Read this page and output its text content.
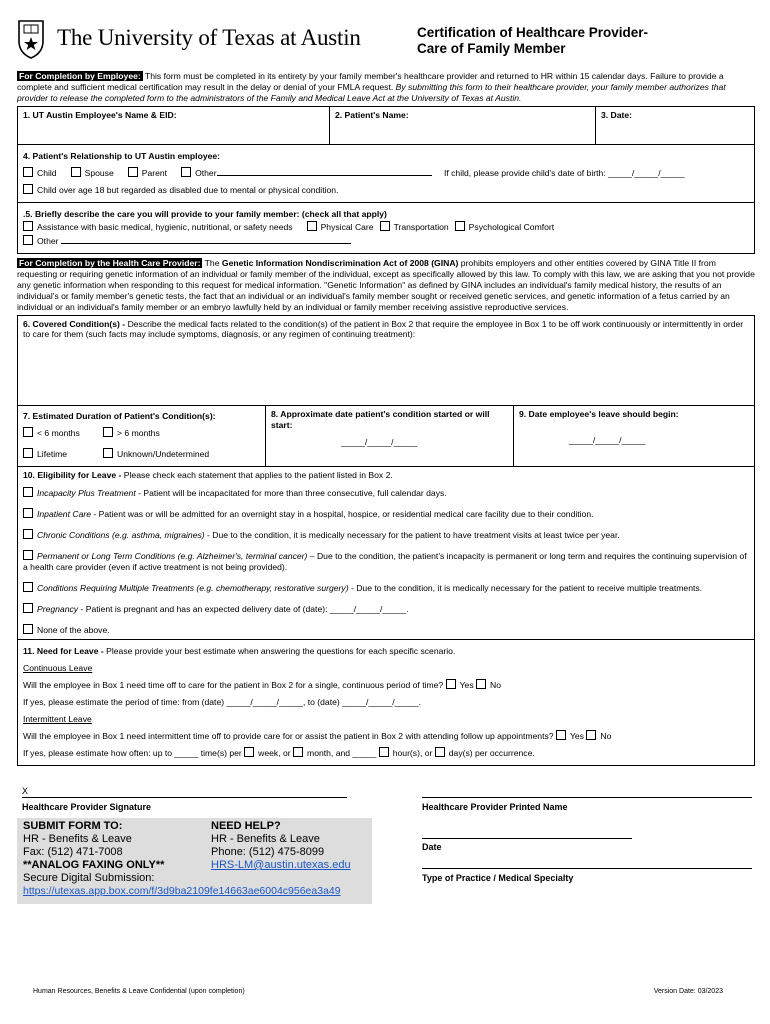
The University of Texas at Austin	Certification of Healthcare Provider-
Care of Family Member
For Completion by Employee: This form must be completed in its entirety by your family member's healthcare provider and returned to HR within 15 calendar days. Failure to provide a complete and sufficient medical certification may result in the delay or denial of your FMLA request. By submitting this form to their healthcare provider, your family member authorizes that provider to release the completed form to the administrators of the Family and Medical Leave Act at the University of Texas at Austin.
1. UT Austin Employee's Name & EID:	2. Patient's Name:	3. Date:

4. Patient's Relationship to UT Austin employee:
Child	Spouse	Parent	Other	If child, please provide child's date of birth: _____/_____/_____
Child over age 18 but regarded as disabled due to mental or physical condition.

.5. Briefly describe the care you will provide to your family member: (check all that apply)
Assistance with basic medical, hygienic, nutritional, or safety needs	Physical Care Transportation Psychological Comfort
Other
For Completion by the Health Care Provider: The Genetic Information Nondiscrimination Act of 2008 (GINA) prohibits employers and other entities covered by GINA Title II from requesting or requiring genetic information of an individual or family member of the individual, except as specifically allowed by this law. To comply with this law, we are asking that you not provide any genetic information when responding to this request for medical information. "Genetic Information" as defined by GINA includes an individual's family medical history, the results of an individual's or family member's genetic tests, the fact that an individual or an individual's family member sought or received genetic services, and genetic information of a fetus carried by an individual or an individual's family member or an embryo lawfully held by an individual or family member receiving assistive reproductive services.
6. Covered Condition(s) - Describe the medical facts related to the condition(s) of the patient in Box 2 that require the employee in Box 1 to be off work continuously or intermittently in order to care for them (such facts may include symptoms, diagnosis, or any regimen of continuing treatment):

7. Estimated Duration of Patient's Condition(s):
< 6 months	> 6 months
Lifetime	Unknown/Undetermined

8. Approximate date patient's condition started or will start:
_____/_____/_____

9. Date employee's leave should begin:
_____/_____/_____

10. Eligibility for Leave - Please check each statement that applies to the patient listed in Box 2.
Incapacity Plus Treatment - Patient will be incapacitated for more than three consecutive, full calendar days.
Inpatient Care - Patient was or will be admitted for an overnight stay in a hospital, hospice, or residential medical care facility due to their condition.
Chronic Conditions (e.g. asthma, migraines) - Due to the condition, it is medically necessary for the patient to have treatment visits at least twice per year.
Permanent or Long Term Conditions (e.g. Alzheimer's, terminal cancer) – Due to the condition, the patient's incapacity is permanent or long term and requires the continuing supervision of a health care provider (even if active treatment is not being provided).
Conditions Requiring Multiple Treatments (e.g. chemotherapy, restorative surgery) - Due to the condition, it is medically necessary for the patient to receive multiple treatments.
Pregnancy - Patient is pregnant and has an expected delivery date of (date): _____/_____/_____.
None of the above.

11. Need for Leave - Please provide your best estimate when answering the questions for each specific scenario.
Continuous Leave
Will the employee in Box 1 need time off to care for the patient in Box 2 for a single, continuous period of time? Yes No
If yes, please estimate the period of time: from (date) _____/_____/_____, to (date) _____/_____/_____.
Intermittent Leave
Will the employee in Box 1 need intermittent time off to provide care for or assist the patient in Box 2 with attending follow up appointments? Yes No
If yes, please estimate how often: up to _____ time(s) per week, or month, and _____ hour(s), or day(s) per occurrence.
X
Healthcare Provider Signature	Healthcare Provider Printed Name
Date
Type of Practice / Medical Specialty
SUBMIT FORM TO:
HR - Benefits & Leave
Fax: (512) 471-7008
**ANALOG FAXING ONLY**
Secure Digital Submission:
https://utexas.app.box.com/f/3d9ba2109fe14663ae6004c956ea3a49
NEED HELP?
HR - Benefits & Leave
Phone: (512) 475-8099
HRS-LM@austin.utexas.edu
Human Resources, Benefits & Leave Confidential (upon completion)	Version Date: 03/2023
